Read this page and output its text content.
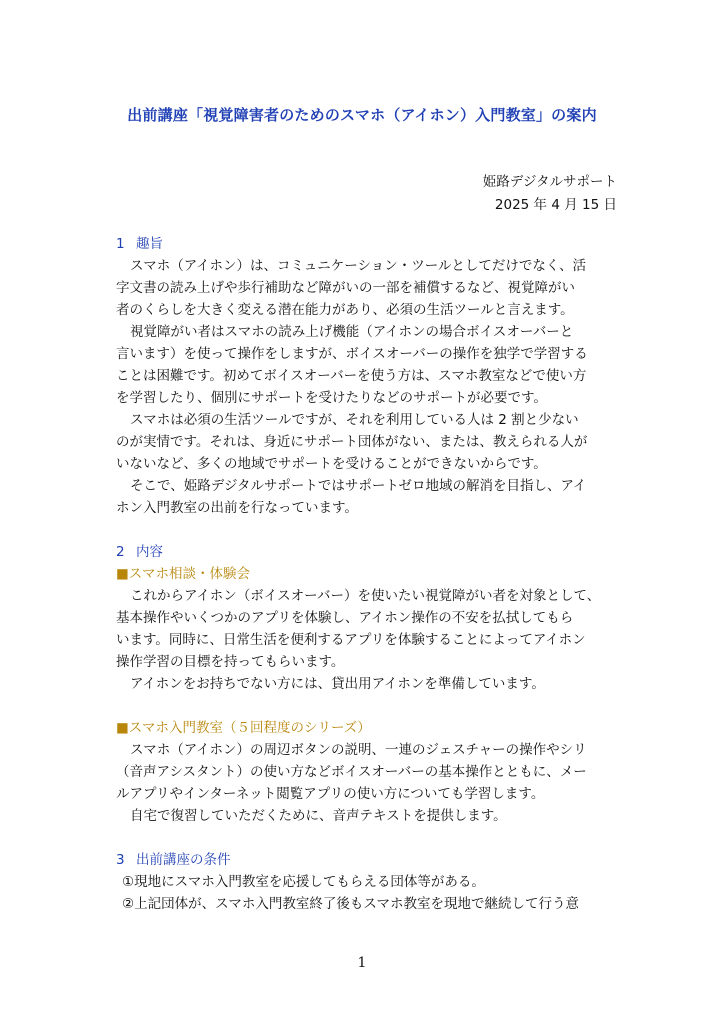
出前講座「視覚障害者のためのスマホ（アイホン）入門教室」の案内
姫路デジタルサポート
2025 年 4 月 15 日
1 趣旨

スマホ（アイホン）は、コミュニケーション・ツールとしてだけでなく、活

字文書の読み上げや歩行補助など障がいの一部を補償するなど、視覚障がい

者のくらしを大きく変える潜在能力があり、必須の生活ツールと言えます。

視覚障がい者はスマホの読み上げ機能（アイホンの場合ボイスオーバーと

言います）を使って操作をしますが、ボイスオーバーの操作を独学で学習する

ことは困難です。初めてボイスオーバーを使う方は、スマホ教室などで使い方

を学習したり、個別にサポートを受けたりなどのサポートが必要です。

スマホは必須の生活ツールですが、それを利用している人は 2 割と少ない

のが実情です。それは、身近にサポート団体がない、または、教えられる人が

いないなど、多くの地域でサポートを受けることができないからです。

そこで、姫路デジタルサポートではサポートゼロ地域の解消を目指し、アイ

ホン入門教室の出前を行なっています。

2 内容
■スマホ相談・体験会

これからアイホン（ボイスオーバー）を使いたい視覚障がい者を対象として、

基本操作やいくつかのアプリを体験し、アイホン操作の不安を払拭してもら

います。同時に、日常生活を便利するアプリを体験することによってアイホン

操作学習の目標を持ってもらいます。

アイホンをお持ちでない方には、貸出用アイホンを準備しています。

■スマホ入門教室（５回程度のシリーズ）

スマホ（アイホン）の周辺ボタンの説明、一連のジェスチャーの操作やシリ

（音声アシスタント）の使い方などボイスオーバーの基本操作とともに、メー

ルアプリやインターネット閲覧アプリの使い方についても学習します。

自宅で復習していただくために、音声テキストを提供します。

3 出前講座の条件

①現地にスマホ入門教室を応援してもらえる団体等がある。

②上記団体が、スマホ入門教室終了後もスマホ教室を現地で継続して行う意

1
